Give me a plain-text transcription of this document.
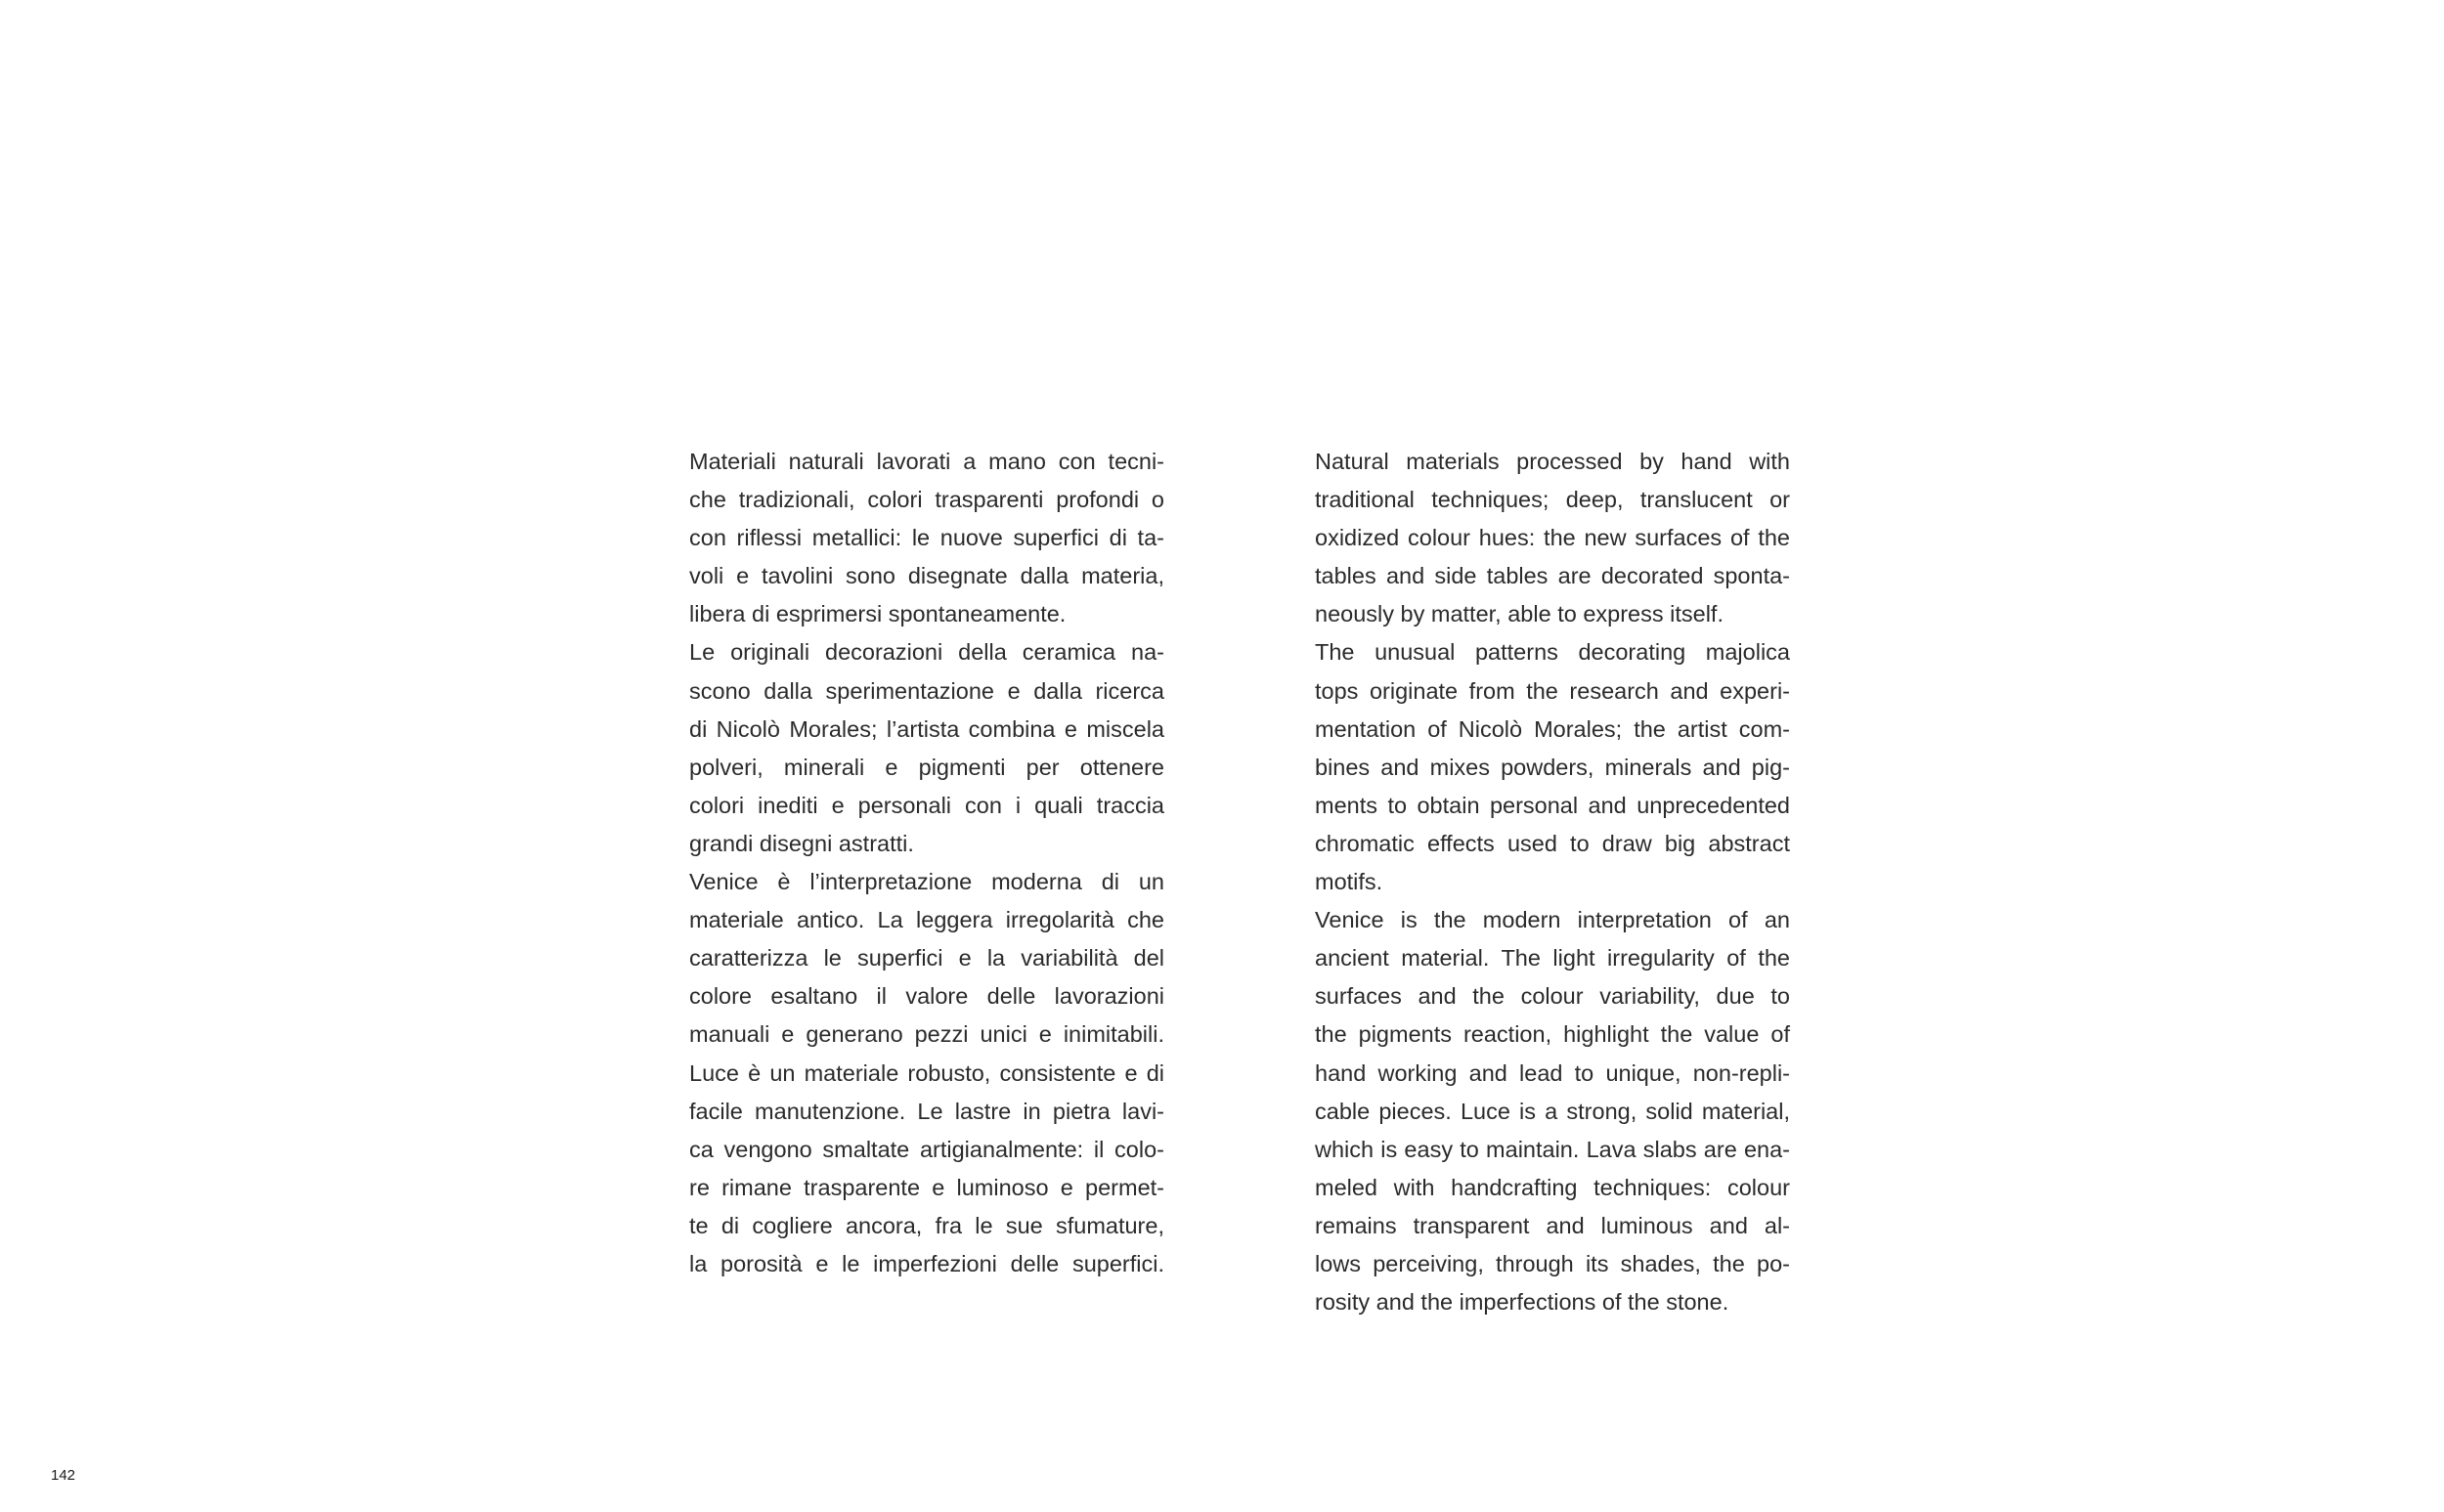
Materiali naturali lavorati a mano con tecni-
che tradizionali, colori trasparenti profondi o
con riflessi metallici: le nuove superfici di ta-
voli e tavolini sono disegnate dalla materia,
libera di esprimersi spontaneamente.
Le originali decorazioni della ceramica na-
scono dalla sperimentazione e dalla ricerca
di Nicolò Morales; l’artista combina e miscela
polveri, minerali e pigmenti per ottenere
colori inediti e personali con i quali traccia
grandi disegni astratti.
Venice è l’interpretazione moderna di un
materiale antico. La leggera irregolarità che
caratterizza le superfici e la variabilità del
colore esaltano il valore delle lavorazioni
manuali e generano pezzi unici e inimitabili.
Luce è un materiale robusto, consistente e di
facile manutenzione. Le lastre in pietra lavi-
ca vengono smaltate artigianalmente: il colo-
re rimane trasparente e luminoso e permet-
te di cogliere ancora, fra le sue sfumature,
la porosità e le imperfezioni delle superfici.
Natural materials processed by hand with
traditional techniques; deep, translucent or
oxidized colour hues: the new surfaces of the
tables and side tables are decorated sponta-
neously by matter, able to express itself.
The unusual patterns decorating majolica
tops originate from the research and experi-
mentation of Nicolò Morales; the artist com-
bines and mixes powders, minerals and pig-
ments to obtain personal and unprecedented
chromatic effects used to draw big abstract
motifs.
Venice is the modern interpretation of an
ancient material. The light irregularity of the
surfaces and the colour variability, due to
the pigments reaction, highlight the value of
hand working and lead to unique, non-repli-
cable pieces. Luce is a strong, solid material,
which is easy to maintain. Lava slabs are ena-
meled with handcrafting techniques: colour
remains transparent and luminous and al-
lows perceiving, through its shades, the po-
rosity and the imperfections of the stone.
142
